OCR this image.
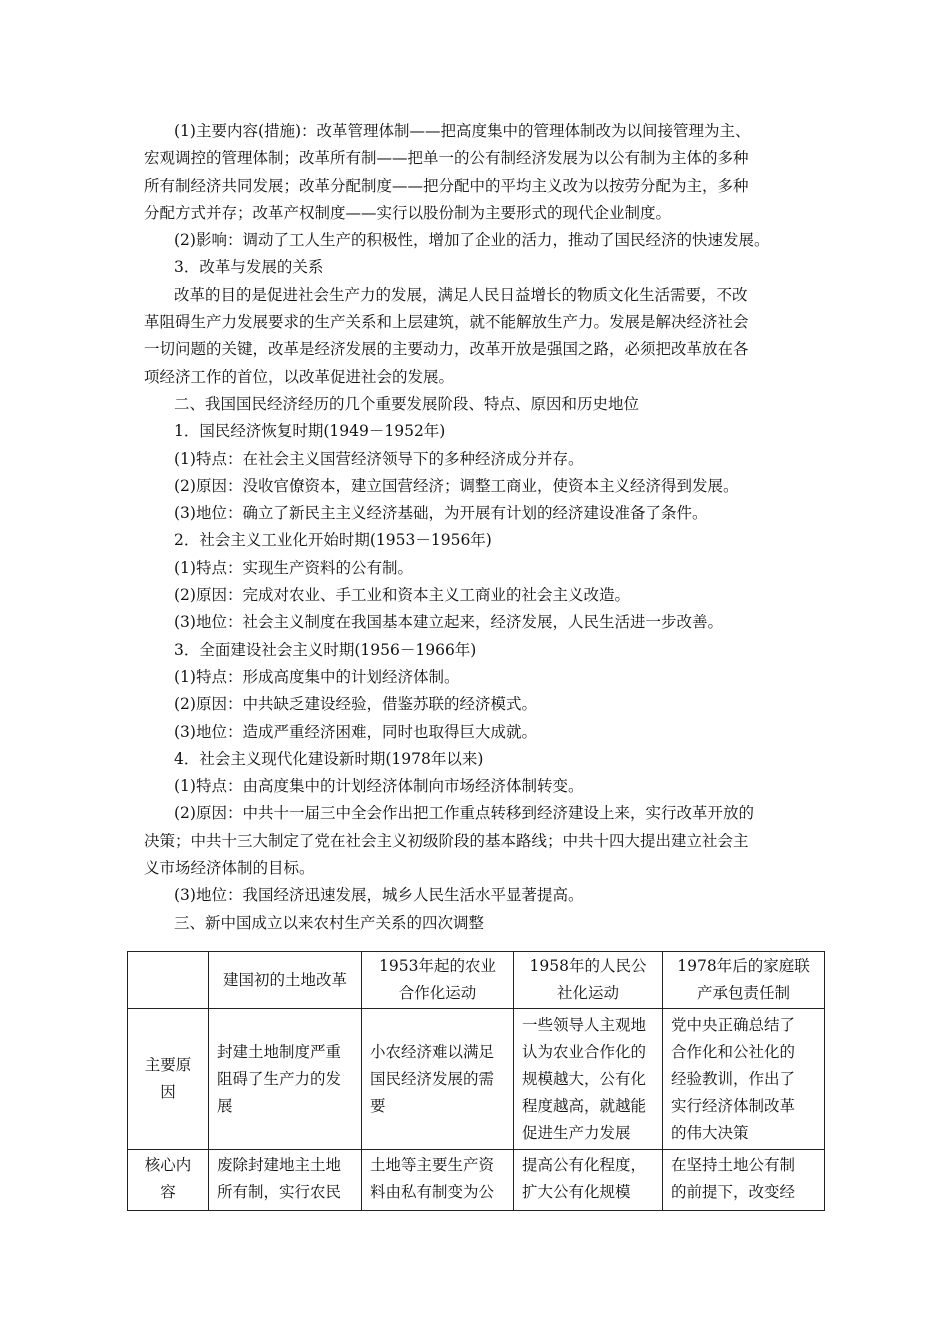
(1)主要内容(措施)：改革管理体制——把高度集中的管理体制改为以间接管理为主、
宏观调控的管理体制；改革所有制——把单一的公有制经济发展为以公有制为主体的多种
所有制经济共同发展；改革分配制度——把分配中的平均主义改为以按劳分配为主，多种
分配方式并存；改革产权制度——实行以股份制为主要形式的现代企业制度。
(2)影响：调动了工人生产的积极性，增加了企业的活力，推动了国民经济的快速发展。
3．改革与发展的关系
改革的目的是促进社会生产力的发展，满足人民日益增长的物质文化生活需要，不改
革阻碍生产力发展要求的生产关系和上层建筑，就不能解放生产力。发展是解决经济社会
一切问题的关键，改革是经济发展的主要动力，改革开放是强国之路，必须把改革放在各
项经济工作的首位，以改革促进社会的发展。
二、我国国民经济经历的几个重要发展阶段、特点、原因和历史地位
1．国民经济恢复时期(1949－1952年)
(1)特点：在社会主义国营经济领导下的多种经济成分并存。
(2)原因：没收官僚资本，建立国营经济；调整工商业，使资本主义经济得到发展。
(3)地位：确立了新民主主义经济基础，为开展有计划的经济建设准备了条件。
2．社会主义工业化开始时期(1953－1956年)
(1)特点：实现生产资料的公有制。
(2)原因：完成对农业、手工业和资本主义工商业的社会主义改造。
(3)地位：社会主义制度在我国基本建立起来，经济发展，人民生活进一步改善。
3．全面建设社会主义时期(1956－1966年)
(1)特点：形成高度集中的计划经济体制。
(2)原因：中共缺乏建设经验，借鉴苏联的经济模式。
(3)地位：造成严重经济困难，同时也取得巨大成就。
4．社会主义现代化建设新时期(1978年以来)
(1)特点：由高度集中的计划经济体制向市场经济体制转变。
(2)原因：中共十一届三中全会作出把工作重点转移到经济建设上来，实行改革开放的
决策；中共十三大制定了党在社会主义初级阶段的基本路线；中共十四大提出建立社会主
义市场经济体制的目标。
(3)地位：我国经济迅速发展，城乡人民生活水平显著提高。
三、新中国成立以来农村生产关系的四次调整

	建国初的土地改革	1953年起的农业
合作化运动	1958年的人民公
社化运动	1978年后的家庭联
产承包责任制

主要原
因	封建土地制度严重
阻碍了生产力的发
展	小农经济难以满足
国民经济发展的需
要	一些领导人主观地
认为农业合作化的
规模越大，公有化
程度越高，就越能
促进生产力发展	党中央正确总结了
合作化和公社化的
经验教训，作出了
实行经济体制改革
的伟大决策

核心内
容	废除封建地主土地
所有制，实行农民	土地等主要生产资
料由私有制变为公	提高公有化程度，
扩大公有化规模	在坚持土地公有制
的前提下，改变经
